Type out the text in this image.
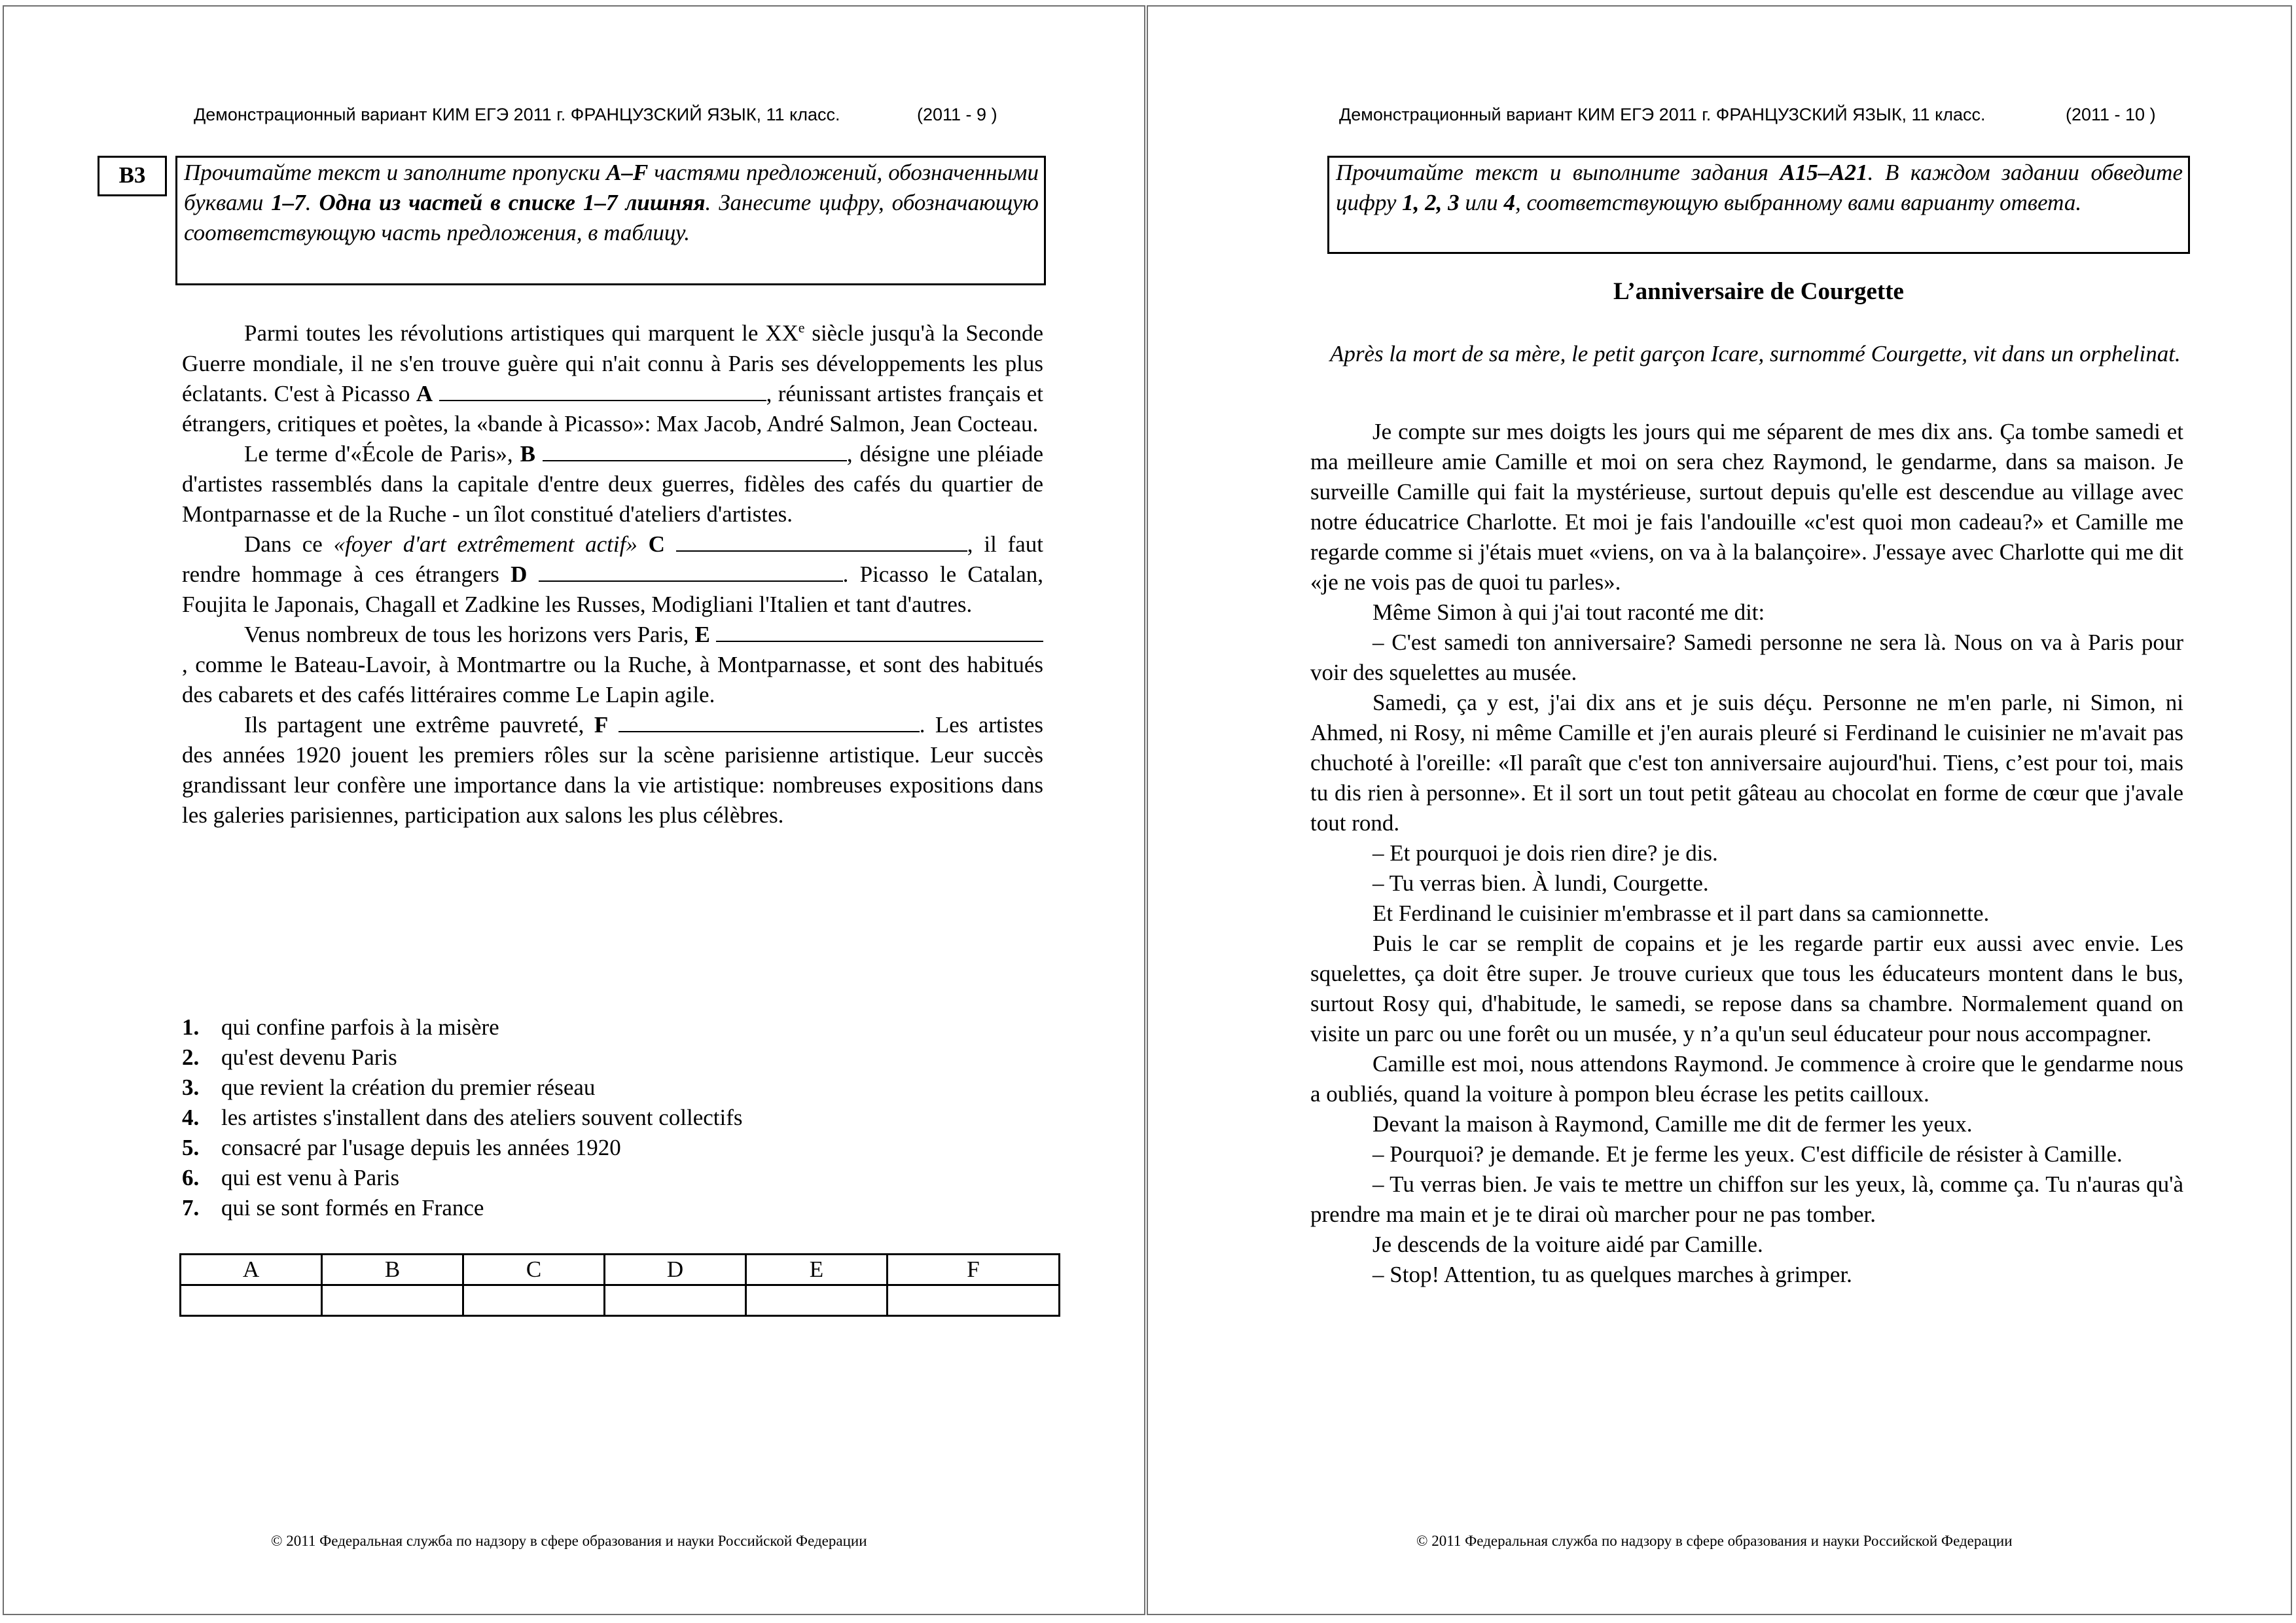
Демонстрационный вариант КИМ ЕГЭ 2011 г. ФРАНЦУЗСКИЙ ЯЗЫК, 11 класс.	(2011 - 9 )
B3	Прочитайте текст и заполните пропуски A–F частями предложений, обозначенными буквами 1–7. Одна из частей в списке 1–7 лишняя. Занесите цифру, обозначающую соответствующую часть предложения, в таблицу.

Parmi toutes les révolutions artistiques qui marquent le XXe siècle jusqu'à la Seconde Guerre mondiale, il ne s'en trouve guère qui n'ait connu à Paris ses développements les plus éclatants. C'est à Picasso A	, réunissant artistes français et étrangers, critiques et poètes, la «bande à Picasso»: Max Jacob, André Salmon, Jean Cocteau.

Le terme d'«École de Paris», B	, désigne une pléiade d'artistes rassemblés dans la capitale d'entre deux guerres, fidèles des cafés du quartier de Montparnasse et de la Ruche - un îlot constitué d'ateliers d'artistes.

Dans ce «foyer d'art extrêmement actif» C	, il faut rendre hommage à ces étrangers D	. Picasso le Catalan, Foujita le Japonais, Chagall et Zadkine les Russes, Modigliani l'Italien et tant d'autres.

Venus nombreux de tous les horizons vers Paris, E , comme le Bateau-Lavoir, à Montmartre ou la Ruche, à Montparnasse, et sont des habitués des cabarets et des cafés littéraires comme Le Lapin agile.

Ils partagent une extrême pauvreté, F	. Les artistes des années 1920 jouent les premiers rôles sur la scène parisienne artistique. Leur succès grandissant leur confère une importance dans la vie artistique: nombreuses expositions dans les galeries parisiennes, participation aux salons les plus célèbres.

1. qui confine parfois à la misère
2. qu'est devenu Paris
3. que revient la création du premier réseau
4. les artistes s'installent dans des ateliers souvent collectifs
5. consacré par l'usage depuis les années 1920
6. qui est venu à Paris
7. qui se sont formés en France
A	B	C	D	E	F

© 2011 Федеральная служба по надзору в сфере образования и науки Российской Федерации
Демонстрационный вариант КИМ ЕГЭ 2011 г. ФРАНЦУЗСКИЙ ЯЗЫК, 11 класс.	(2011 - 10 )
Прочитайте текст и выполните задания A15–A21. В каждом задании обведите цифру 1, 2, 3 или 4, соответствующую выбранному вами варианту ответа.
L’anniversaire de Courgette

Après la mort de sa mère, le petit garçon Icare, surnommé Courgette, vit dans un orphelinat.

Je compte sur mes doigts les jours qui me séparent de mes dix ans. Ça tombe samedi et ma meilleure amie Camille et moi on sera chez Raymond, le gendarme, dans sa maison. Je surveille Camille qui fait la mystérieuse, surtout depuis qu'elle est descendue au village avec notre éducatrice Charlotte. Et moi je fais l'andouille «c'est quoi mon cadeau?» et Camille me regarde comme si j'étais muet «viens, on va à la balançoire». J'essaye avec Charlotte qui me dit «je ne vois pas de quoi tu parles».

Même Simon à qui j'ai tout raconté me dit:

– C'est samedi ton anniversaire? Samedi personne ne sera là. Nous on va à Paris pour voir des squelettes au musée.

Samedi, ça y est, j'ai dix ans et je suis déçu. Personne ne m'en parle, ni Simon, ni Ahmed, ni Rosy, ni même Camille et j'en aurais pleuré si Ferdinand le cuisinier ne m'avait pas chuchoté à l'oreille: «Il paraît que c'est ton anniversaire aujourd'hui. Tiens, c’est pour toi, mais tu dis rien à personne». Et il sort un tout petit gâteau au chocolat en forme de cœur que j'avale tout rond.

– Et pourquoi je dois rien dire? je dis.

– Tu verras bien. À lundi, Courgette.

Et Ferdinand le cuisinier m'embrasse et il part dans sa camionnette.

Puis le car se remplit de copains et je les regarde partir eux aussi avec envie. Les squelettes, ça doit être super. Je trouve curieux que tous les éducateurs montent dans le bus, surtout Rosy qui, d'habitude, le samedi, se repose dans sa chambre. Normalement quand on visite un parc ou une forêt ou un musée, y n’a qu'un seul éducateur pour nous accompagner.

Camille est moi, nous attendons Raymond. Je commence à croire que le gendarme nous a oubliés, quand la voiture à pompon bleu écrase les petits cailloux.

Devant la maison à Raymond, Camille me dit de fermer les yeux.

– Pourquoi? je demande. Et je ferme les yeux. C'est difficile de résister à Camille.

– Tu verras bien. Je vais te mettre un chiffon sur les yeux, là, comme ça. Tu n'auras qu'à prendre ma main et je te dirai où marcher pour ne pas tomber.

Je descends de la voiture aidé par Camille.

– Stop! Attention, tu as quelques marches à grimper.

© 2011 Федеральная служба по надзору в сфере образования и науки Российской Федерации
